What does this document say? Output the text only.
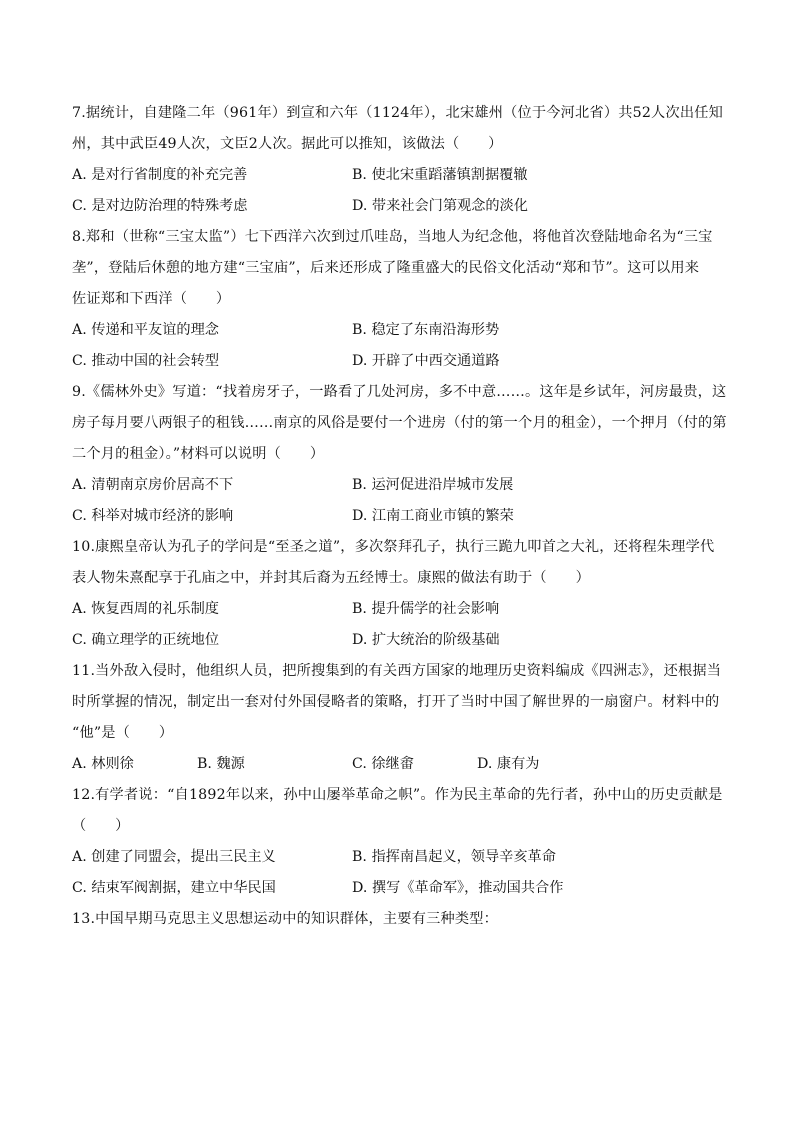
7.据统计，自建隆二年（961年）到宣和六年（1124年），北宋雄州（位于今河北省）共52人次出任知
州，其中武臣49人次，文臣2人次。据此可以推知，该做法（　　）
A. 是对行省制度的补充完善	B. 使北宋重蹈藩镇割据覆辙
C. 是对边防治理的特殊考虑	D. 带来社会门第观念的淡化
8.郑和（世称“三宝太监”）七下西洋六次到过爪哇岛，当地人为纪念他，将他首次登陆地命名为“三宝
垄”，登陆后休憩的地方建“三宝庙”，后来还形成了隆重盛大的民俗文化活动“郑和节”。这可以用来
佐证郑和下西洋（　　）
A. 传递和平友谊的理念	B. 稳定了东南沿海形势
C. 推动中国的社会转型	D. 开辟了中西交通道路
9.《儒林外史》写道：“找着房牙子，一路看了几处河房，多不中意……。这年是乡试年，河房最贵，这
房子每月要八两银子的租钱……南京的风俗是要付一个进房（付的第一个月的租金），一个押月（付的第
二个月的租金）。”材料可以说明（　　）
A. 清朝南京房价居高不下	B. 运河促进沿岸城市发展
C. 科举对城市经济的影响	D. 江南工商业市镇的繁荣
10.康熙皇帝认为孔子的学问是“至圣之道”，多次祭拜孔子，执行三跪九叩首之大礼，还将程朱理学代
表人物朱熹配享于孔庙之中，并封其后裔为五经博士。康熙的做法有助于（　　）
A. 恢复西周的礼乐制度	B. 提升儒学的社会影响
C. 确立理学的正统地位	D. 扩大统治的阶级基础
11.当外敌入侵时，他组织人员，把所搜集到的有关西方国家的地理历史资料编成《四洲志》，还根据当
时所掌握的情况，制定出一套对付外国侵略者的策略，打开了当时中国了解世界的一扇窗户。材料中的
“他”是（　　）
A. 林则徐	B. 魏源	C. 徐继畬	D. 康有为
12.有学者说：“自1892年以来，孙中山屡举革命之帜”。作为民主革命的先行者，孙中山的历史贡献是
（　　）
A. 创建了同盟会，提出三民主义	B. 指挥南昌起义，领导辛亥革命
C. 结束军阀割据，建立中华民国	D. 撰写《革命军》，推动国共合作
13.中国早期马克思主义思想运动中的知识群体，主要有三种类型：
